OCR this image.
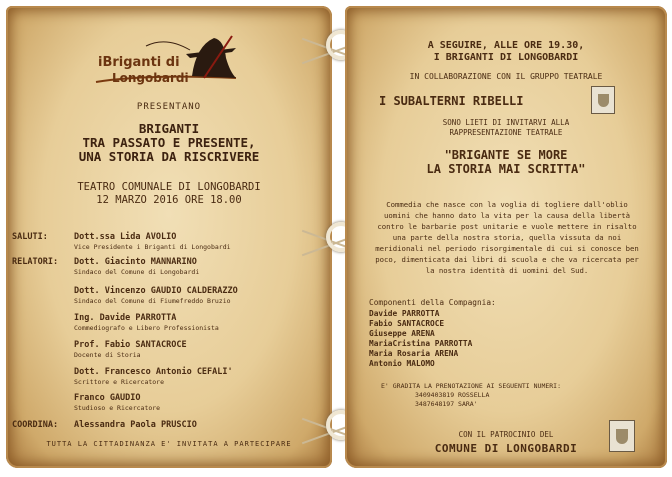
iBriganti di
Longobardi
PRESENTANO
BRIGANTI
TRA PASSATO E PRESENTE,
UNA STORIA DA RISCRIVERE
TEATRO COMUNALE DI LONGOBARDI
12 MARZO 2016 ORE 18.00
SALUTI:	Dott.ssa Lida AVOLIO
Vice Presidente i Briganti di Longobardi
RELATORI: Dott. Giacinto MANNARINO
Sindaco del Comune di Longobardi
Dott. Vincenzo GAUDIO CALDERAZZO
Sindaco del Comune di Fiumefreddo Bruzio
Ing. Davide PARROTTA
Commediografo e Libero Professionista
Prof. Fabio SANTACROCE
Docente di Storia
Dott. Francesco Antonio CEFALI'
Scrittore e Ricercatore
Franco GAUDIO
Studioso e Ricercatore
COORDINA: Alessandra Paola PRUSCIO
TUTTA LA CITTADINANZA E' INVITATA A PARTECIPARE
A SEGUIRE, ALLE ORE 19.30,
I BRIGANTI DI LONGOBARDI
IN COLLABORAZIONE CON IL GRUPPO TEATRALE
I SUBALTERNI RIBELLI
SONO LIETI DI INVITARVI ALLA
RAPPRESENTAZIONE TEATRALE
"BRIGANTE SE MORE
LA STORIA MAI SCRITTA"
Commedia che nasce con la voglia di togliere dall'oblio uomini che hanno dato la vita per la causa della libertà contro le barbarie post unitarie e vuole mettere in risalto una parte della nostra storia, quella vissuta da noi meridionali nel periodo risorgimentale di cui si conosce ben poco, dimenticata dai libri di scuola e che va ricercata per la nostra identità di uomini del Sud.
Componenti della Compagnia:
Davide PARROTTA
Fabio SANTACROCE
Giuseppe ARENA
MariaCristina PARROTTA
Maria Rosaria ARENA
Antonio MALOMO
E' GRADITA LA PRENOTAZIONE AI SEGUENTI NUMERI:
3409403819 ROSSELLA
3487648197 SARA'
CON IL PATROCINIO DEL
COMUNE DI LONGOBARDI
